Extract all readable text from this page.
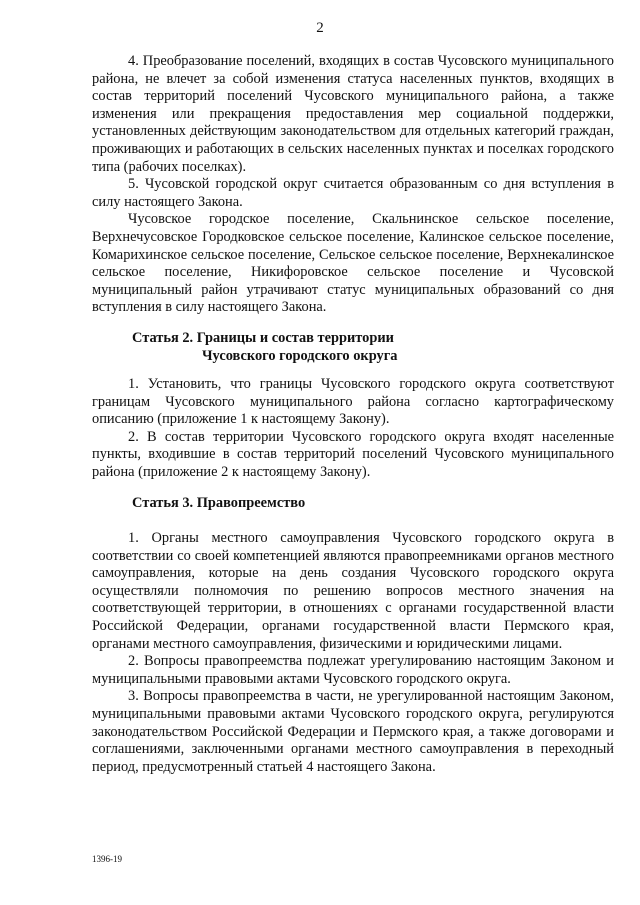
2

4. Преобразование поселений, входящих в состав Чусовского муниципального района, не влечет за собой изменения статуса населенных пунктов, входящих в состав территорий поселений Чусовского муниципального района, а также изменения или прекращения предоставления мер социальной поддержки, установленных действующим законодательством для отдельных категорий граждан, проживающих и работающих в сельских населенных пунктах и поселках городского типа (рабочих поселках).

5. Чусовской городской округ считается образованным со дня вступления в силу настоящего Закона.

Чусовское городское поселение, Скальнинское сельское поселение, Верхнечусовское Городковское сельское поселение, Калинское сельское поселение, Комарихинское сельское поселение, Сельское сельское поселение, Верхнекалинское сельское поселение, Никифоровское сельское поселение и Чусовской муниципальный район утрачивают статус муниципальных образований со дня вступления в силу настоящего Закона.

Статья 2. Границы и состав территории
Чусовского городского округа

1. Установить, что границы Чусовского городского округа соответствуют границам Чусовского муниципального района согласно картографическому описанию (приложение 1 к настоящему Закону).

2. В состав территории Чусовского городского округа входят населенные пункты, входившие в состав территорий поселений Чусовского муниципального района (приложение 2 к настоящему Закону).

Статья 3. Правопреемство

1. Органы местного самоуправления Чусовского городского округа в соответствии со своей компетенцией являются правопреемниками органов местного самоуправления, которые на день создания Чусовского городского округа осуществляли полномочия по решению вопросов местного значения на соответствующей территории, в отношениях с органами государственной власти Российской Федерации, органами государственной власти Пермского края, органами местного самоуправления, физическими и юридическими лицами.

2. Вопросы правопреемства подлежат урегулированию настоящим Законом и муниципальными правовыми актами Чусовского городского округа.

3. Вопросы правопреемства в части, не урегулированной настоящим Законом, муниципальными правовыми актами Чусовского городского округа, регулируются законодательством Российской Федерации и Пермского края, а также договорами и соглашениями, заключенными органами местного самоуправления в переходный период, предусмотренный статьей 4 настоящего Закона.

1396-19
